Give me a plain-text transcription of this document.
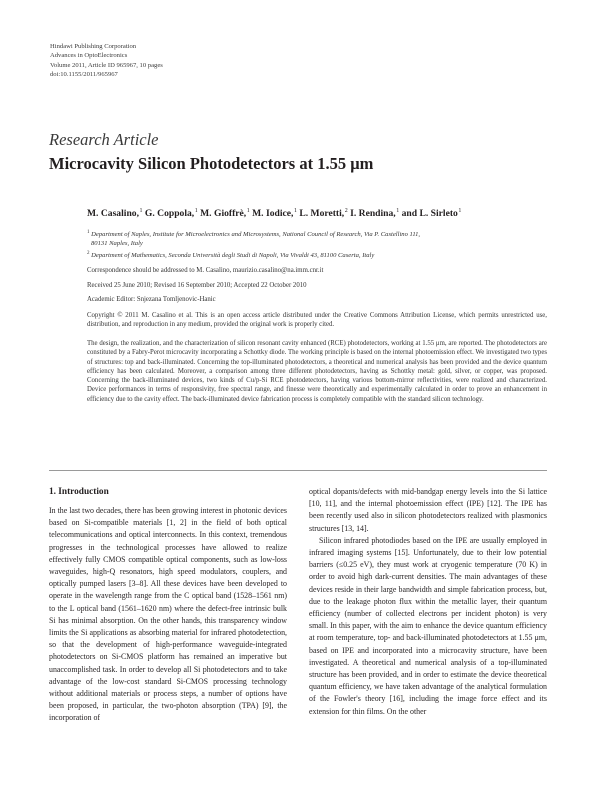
Hindawi Publishing Corporation
Advances in OptoElectronics
Volume 2011, Article ID 965967, 10 pages
doi:10.1155/2011/965967
Research Article
Microcavity Silicon Photodetectors at 1.55 μm
M. Casalino,$^1$ G. Coppola,$^1$ M. Gioffrè,$^1$ M. Iodice,$^1$ L. Moretti,$^2$ I. Rendina,$^1$ and L. Sirleto$^1$
$^1$ Department of Naples, Institute for Microelectronics and Microsystems, National Council of Research, Via P. Castellino 111,
80131 Naples, Italy
$^2$ Department of Mathematics, Seconda Università degli Studi di Napoli, Via Vivaldi 43, 81100 Caserta, Italy
Correspondence should be addressed to M. Casalino, maurizio.casalino@na.imm.cnr.it
Received 25 June 2010; Revised 16 September 2010; Accepted 22 October 2010
Academic Editor: Snjezana Tomljenovic-Hanic
Copyright © 2011 M. Casalino et al. This is an open access article distributed under the Creative Commons Attribution License, which permits unrestricted use, distribution, and reproduction in any medium, provided the original work is properly cited.
The design, the realization, and the characterization of silicon resonant cavity enhanced (RCE) photodetectors, working at 1.55 μm, are reported. The photodetectors are constituted by a Fabry-Perot microcavity incorporating a Schottky diode. The working principle is based on the internal photoemission effect. We investigated two types of structures: top and back-illuminated. Concerning the top-illuminated photodetectors, a theoretical and numerical analysis has been provided and the device quantum efficiency has been calculated. Moreover, a comparison among three different photodetectors, having as Schottky metal: gold, silver, or copper, was proposed. Concerning the back-illuminated devices, two kinds of Cu/p-Si RCE photodetectors, having various bottom-mirror reflectivities, were realized and characterized. Device performances in terms of responsivity, free spectral range, and finesse were theoretically and experimentally calculated in order to prove an enhancement in efficiency due to the cavity effect. The back-illuminated device fabrication process is completely compatible with the standard silicon technology.
1. Introduction

In the last two decades, there has been growing interest in photonic devices based on Si-compatible materials [1, 2] in the field of both optical telecommunications and optical interconnects. In this context, tremendous progresses in the technological processes have allowed to realize effectively fully CMOS compatible optical components, such as low-loss waveguides, high-Q resonators, high speed modulators, couplers, and optically pumped lasers [3–8]. All these devices have been developed to operate in the wavelength range from the C optical band (1528–1561 nm) to the L optical band (1561–1620 nm) where the defect-free intrinsic bulk Si has minimal absorption. On the other hands, this transparency window limits the Si applications as absorbing material for infrared photodetection, so that the development of high-performance waveguide-integrated photodetectors on Si-CMOS platform has remained an imperative but unaccomplished task. In order to develop all Si photodetectors and to take advantage of the low-cost standard Si-CMOS processing technology without additional materials or process steps, a number of options have been proposed, in particular, the two-photon absorption (TPA) [9], the incorporation of

optical dopants/defects with mid-bandgap energy levels into the Si lattice [10, 11], and the internal photoemission effect (IPE) [12]. The IPE has been recently used also in silicon photodetectors realized with plasmonics structures [13, 14].

Silicon infrared photodiodes based on the IPE are usually employed in infrared imaging systems [15]. Unfortunately, due to their low potential barriers (≤0.25 eV), they must work at cryogenic temperature (70 K) in order to avoid high dark-current densities. The main advantages of these devices reside in their large bandwidth and simple fabrication process, but, due to the leakage photon flux within the metallic layer, their quantum efficiency (number of collected electrons per incident photon) is very small. In this paper, with the aim to enhance the device quantum efficiency at room temperature, top- and back-illuminated photodetectors at 1.55 μm, based on IPE and incorporated into a microcavity structure, have been investigated. A theoretical and numerical analysis of a top-illuminated structure has been provided, and in order to estimate the device theoretical quantum efficiency, we have taken advantage of the analytical formulation of the Fowler's theory [16], including the image force effect and its extension for thin films. On the other
